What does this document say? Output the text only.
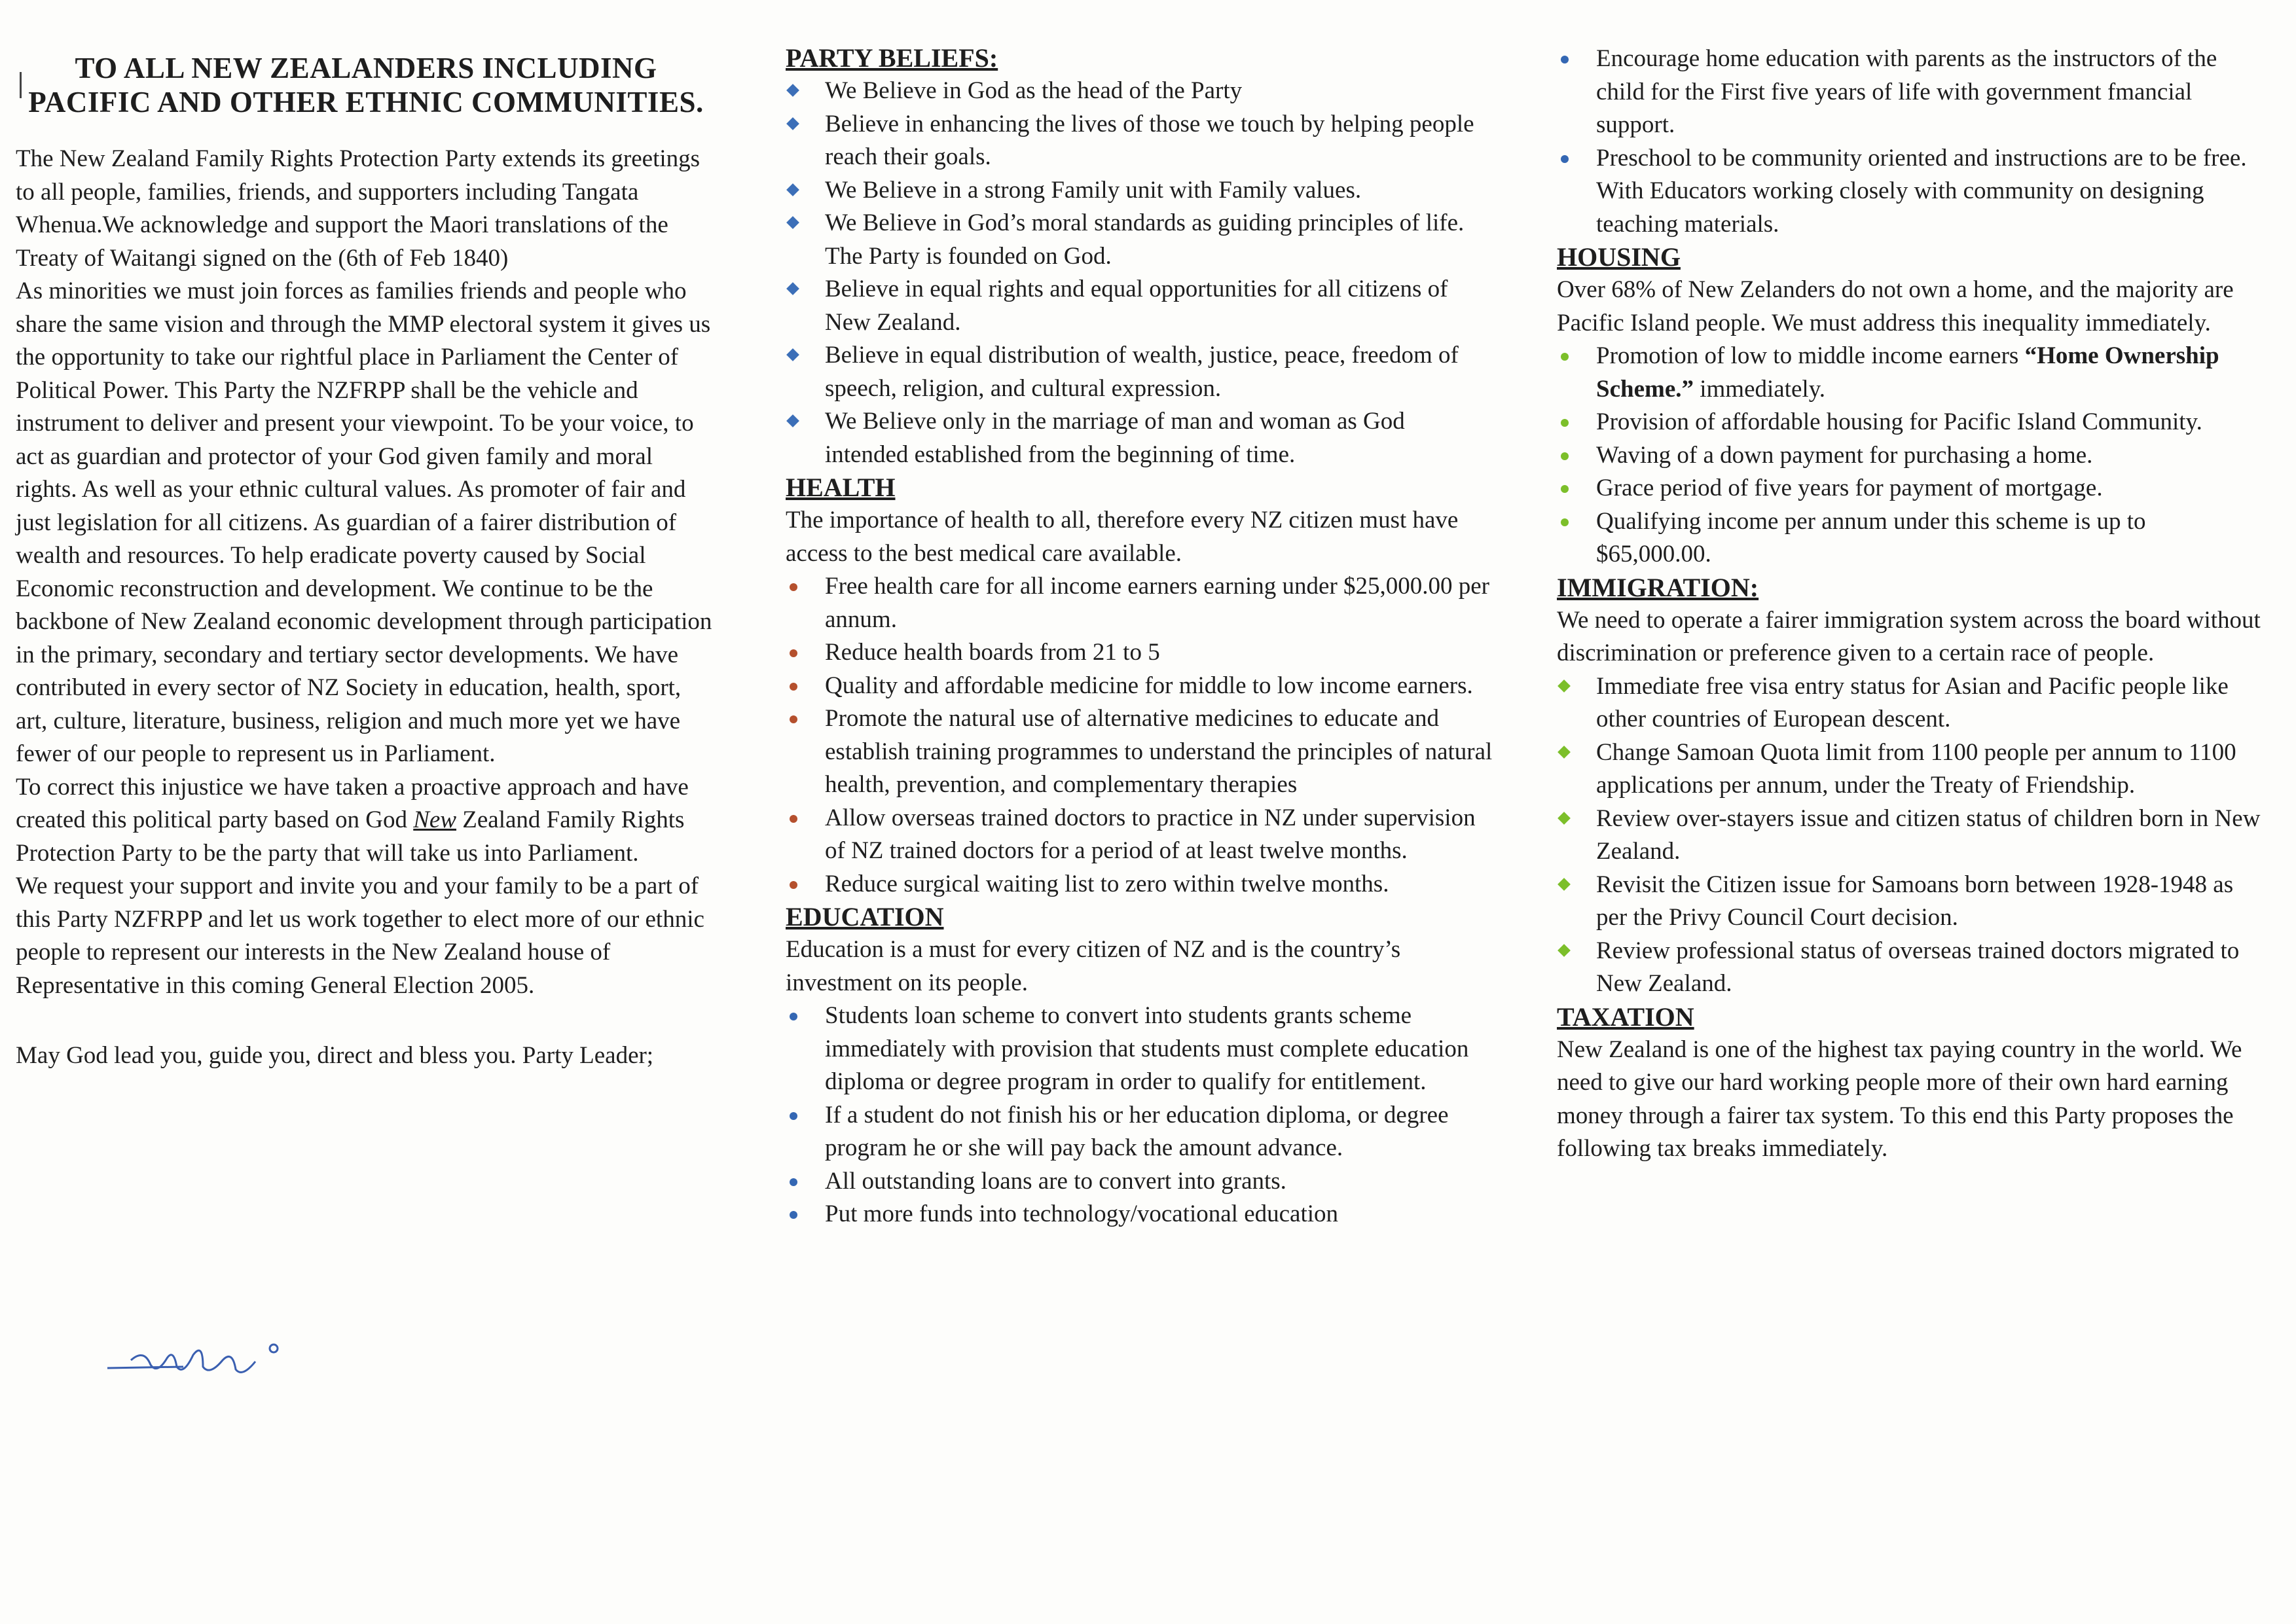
TO ALL NEW ZEALANDERS INCLUDING
PACIFIC AND OTHER ETHNIC COMMUNITIES.

The New Zealand Family Rights Protection Party extends its greetings to all people, families, friends, and supporters including Tangata Whenua.We acknowledge and support the Maori translations of the Treaty of Waitangi signed on the (6th of Feb 1840)

As minorities we must join forces as families friends and people who share the same vision and through the MMP electoral system it gives us the opportunity to take our rightful place in Parliament the Center of Political Power. This Party the NZFRPP shall be the vehicle and instrument to deliver and present your viewpoint. To be your voice, to act as guardian and protector of your God given family and moral rights. As well as your ethnic cultural values. As promoter of fair and just legislation for all citizens. As guardian of a fairer distribution of wealth and resources. To help eradicate poverty caused by Social Economic reconstruction and development. We continue to be the backbone of New Zealand economic development through participation in the primary, secondary and tertiary sector developments. We have contributed in every sector of NZ Society in education, health, sport, art, culture, literature, business, religion and much more yet we have fewer of our people to represent us in Parliament.

To correct this injustice we have taken a proactive approach and have created this political party based on God New Zealand Family Rights Protection Party to be the party that will take us into Parliament.

We request your support and invite you and your family to be a part of this Party NZFRPP and let us work together to elect more of our ethnic people to represent our interests in the New Zealand house of Representative in this coming General Election 2005.

May God lead you, guide you, direct and bless you. Party Leader;

PARTY BELIEFS:
We Believe in God as the head of the Party
Believe in enhancing the lives of those we touch by helping people reach their goals.
We Believe in a strong Family unit with Family values.
We Believe in God’s moral standards as guiding principles of life. The Party is founded on God.
Believe in equal rights and equal opportunities for all citizens of New Zealand.
Believe in equal distribution of wealth, justice, peace, freedom of speech, religion, and cultural expression.
We Believe only in the marriage of man and woman as God intended established from the beginning of time.
HEALTH

The importance of health to all, therefore every NZ citizen must have access to the best medical care available.

Free health care for all income earners earning under $25,000.00 per annum.
Reduce health boards from 21 to 5
Quality and affordable medicine for middle to low income earners.
Promote the natural use of alternative medicines to educate and establish training programmes to understand the principles of natural health, prevention, and complementary therapies
Allow overseas trained doctors to practice in NZ under supervision of NZ trained doctors for a period of at least twelve months.
Reduce surgical waiting list to zero within twelve months.
EDUCATION

Education is a must for every citizen of NZ and is the country’s investment on its people.

Students loan scheme to convert into students grants scheme immediately with provision that students must complete education diploma or degree program in order to qualify for entitlement.
If a student do not finish his or her education diploma, or degree program he or she will pay back the amount advance.
All outstanding loans are to convert into grants.
Put more funds into technology/vocational education
Encourage home education with parents as the instructors of the child for the First five years of life with government fmancial support.
Preschool to be community oriented and instructions are to be free. With Educators working closely with community on designing teaching materials.
HOUSING

Over 68% of New Zelanders do not own a home, and the majority are Pacific Island people. We must address this inequality immediately.

Promotion of low to middle income earners “Home Ownership Scheme.” immediately.
Provision of affordable housing for Pacific Island Community.
Waving of a down payment for purchasing a home.
Grace period of five years for payment of mortgage.
Qualifying income per annum under this scheme is up to $65,000.00.
IMMIGRATION:

We need to operate a fairer immigration system across the board without discrimination or preference given to a certain race of people.

Immediate free visa entry status for Asian and Pacific people like other countries of European descent.
Change Samoan Quota limit from 1100 people per annum to 1100 applications per annum, under the Treaty of Friendship.
Review over-stayers issue and citizen status of children born in New Zealand.
Revisit the Citizen issue for Samoans born between 1928-1948 as per the Privy Council Court decision.
Review professional status of overseas trained doctors migrated to New Zealand.
TAXATION

New Zealand is one of the highest tax paying country in the world. We need to give our hard working people more of their own hard earning money through a fairer tax system. To this end this Party proposes the following tax breaks immediately.
